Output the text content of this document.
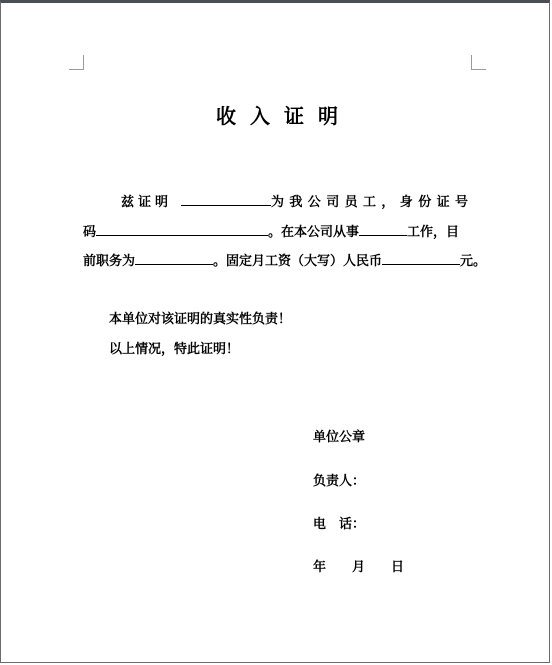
收入证明
兹证明	为我公司员工，身份证号
码	。在本公司从事	工作，目
前职务为	。固定月工资（大写）人民币	元。
本单位对该证明的真实性负责！
以上情况，特此证明！
单位公章
负责人：
电　话：
年　　月　　日
